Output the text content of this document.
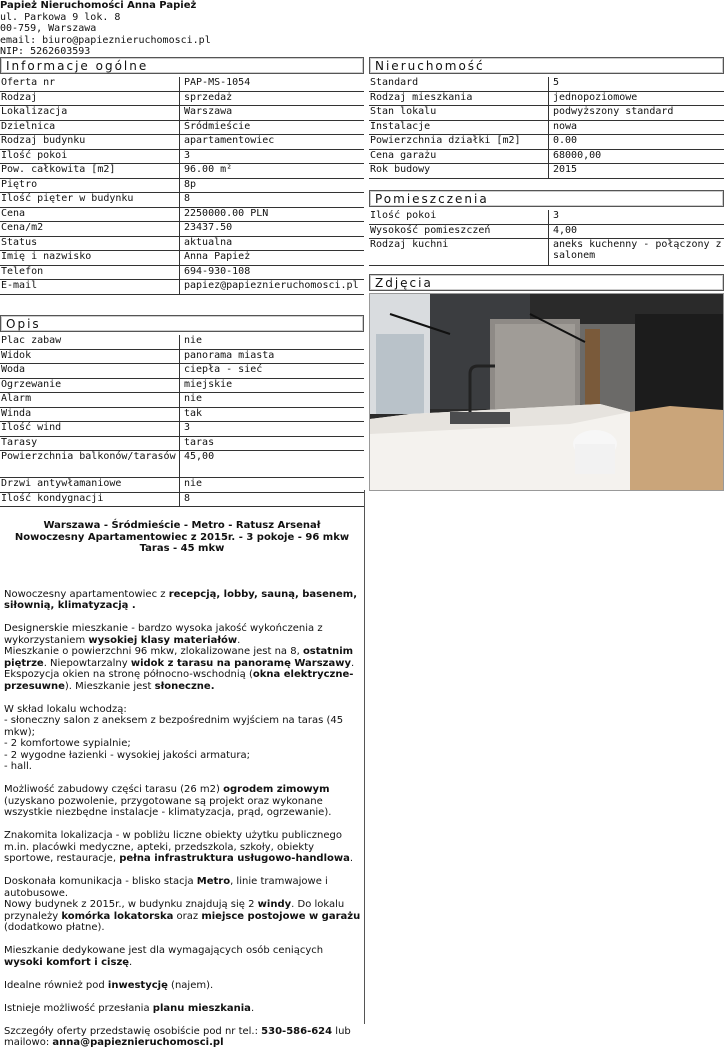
Papież Nieruchomości Anna Papież
ul. Parkowa 9 lok. 8
00-759, Warszawa
email: biuro@papieznieruchomosci.pl
NIP: 5262603593
Informacje ogólne
Oferta nr	PAP-MS-1054
Rodzaj	sprzedaż
Lokalizacja	Warszawa
Dzielnica	Śródmieście
Rodzaj budynku	apartamentowiec
Ilość pokoi	3
Pow. całkowita [m2]	96.00 m²
Piętro	8p
Ilość pięter w budynku	8
Cena	2250000.00 PLN
Cena/m2	23437.50
Status	aktualna
Imię i nazwisko	Anna Papież
Telefon	694-930-108
E-mail	papiez@papieznieruchomosci.pl
Opis
Plac zabaw	nie
Widok	panorama miasta
Woda	ciepła - sieć
Ogrzewanie	miejskie
Alarm	nie
Winda	tak
Ilość wind	3
Tarasy	taras
Powierzchnia balkonów/tarasów	45,00
Drzwi antywłamaniowe	nie
Ilość kondygnacji	8
Nieruchomość
Standard	5
Rodzaj mieszkania	jednopoziomowe
Stan lokalu	podwyższony standard
Instalacje	nowa
Powierzchnia działki [m2]	0.00
Cena garażu	68000,00
Rok budowy	2015
Pomieszczenia
Ilość pokoi	3
Wysokość pomieszczeń	4,00
Rodzaj kuchni	aneks kuchenny - połączony z salonem
Zdjęcia
Warszawa - Śródmieście - Metro - Ratusz Arsenał
Nowoczesny Apartamentowiec z 2015r. - 3 pokoje - 96 mkw
Taras - 45 mkw

Nowoczesny apartamentowiec z recepcją, lobby, sauną, basenem, siłownią, klimatyzacją .

Designerskie mieszkanie - bardzo wysoka jakość wykończenia z wykorzystaniem wysokiej klasy materiałów.
Mieszkanie o powierzchni 96 mkw, zlokalizowane jest na 8, ostatnim piętrze. Niepowtarzalny widok z tarasu na panoramę Warszawy. Ekspozycja okien na stronę północno-wschodnią (okna elektryczne-przesuwne). Mieszkanie jest słoneczne.

W skład lokalu wchodzą:
- słoneczny salon z aneksem z bezpośrednim wyjściem na taras (45 mkw);
- 2 komfortowe sypialnie;
- 2 wygodne łazienki - wysokiej jakości armatura;
- hall.

Możliwość zabudowy części tarasu (26 m2) ogrodem zimowym (uzyskano pozwolenie, przygotowane są projekt oraz wykonane wszystkie niezbędne instalacje - klimatyzacja, prąd, ogrzewanie).

Znakomita lokalizacja - w pobliżu liczne obiekty użytku publicznego m.in. placówki medyczne, apteki, przedszkola, szkoły, obiekty sportowe, restauracje, pełna infrastruktura usługowo-handlowa.

Doskonała komunikacja - blisko stacja Metro, linie tramwajowe i autobusowe.
Nowy budynek z 2015r., w budynku znajdują się 2 windy. Do lokalu przynależy komórka lokatorska oraz miejsce postojowe w garażu (dodatkowo płatne).

Mieszkanie dedykowane jest dla wymagających osób ceniących wysoki komfort i ciszę.

Idealne również pod inwestycję (najem).

Istnieje możliwość przesłania planu mieszkania.

Szczegóły oferty przedstawię osobiście pod nr tel.: 530-586-624 lub mailowo: anna@papieznieruchomosci.pl
